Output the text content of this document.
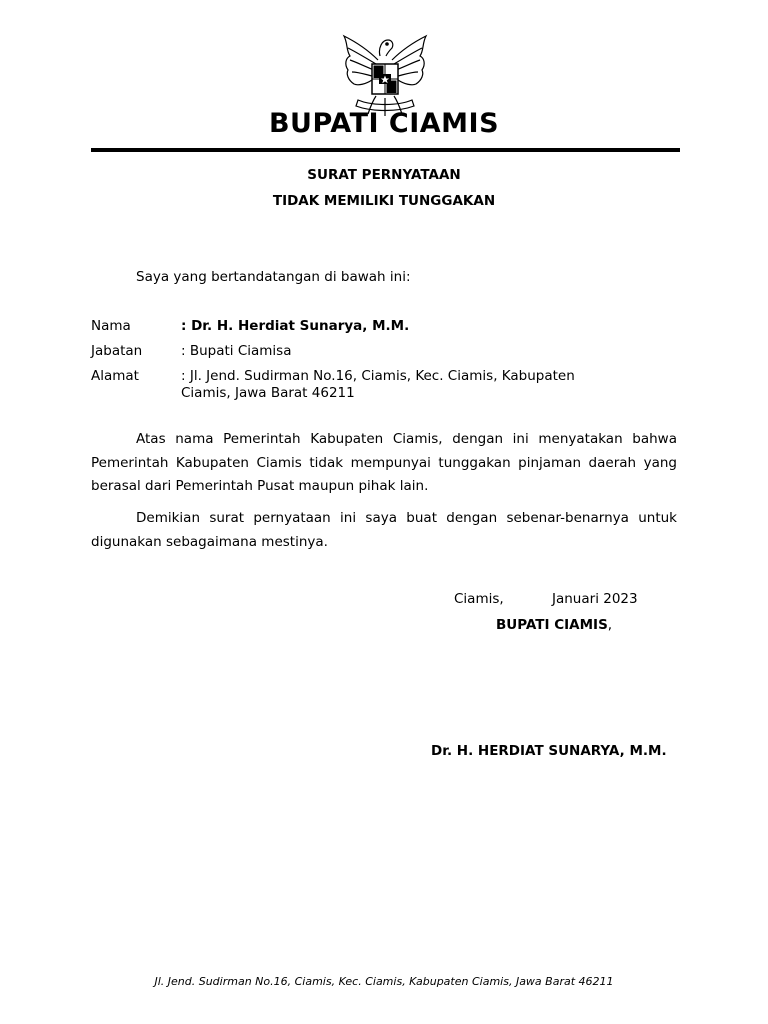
BUPATI CIAMIS
SURAT PERNYATAAN
TIDAK MEMILIKI TUNGGAKAN
Saya yang bertandatangan di bawah ini:
Nama	: Dr. H. Herdiat Sunarya, M.M.
Jabatan	: Bupati Ciamisa
Alamat	: Jl. Jend. Sudirman No.16, Ciamis, Kec. Ciamis, Kabupaten
Ciamis, Jawa Barat 46211
Atas nama Pemerintah Kabupaten Ciamis, dengan ini menyatakan bahwa Pemerintah Kabupaten Ciamis tidak mempunyai tunggakan pinjaman daerah yang berasal dari Pemerintah Pusat maupun pihak lain.
Demikian surat pernyataan ini saya buat dengan sebenar-benarnya untuk digunakan sebagaimana mestinya.
Ciamis,	Januari 2023
BUPATI CIAMIS,
Dr. H. HERDIAT SUNARYA, M.M.
Jl. Jend. Sudirman No.16, Ciamis, Kec. Ciamis, Kabupaten Ciamis, Jawa Barat 46211
